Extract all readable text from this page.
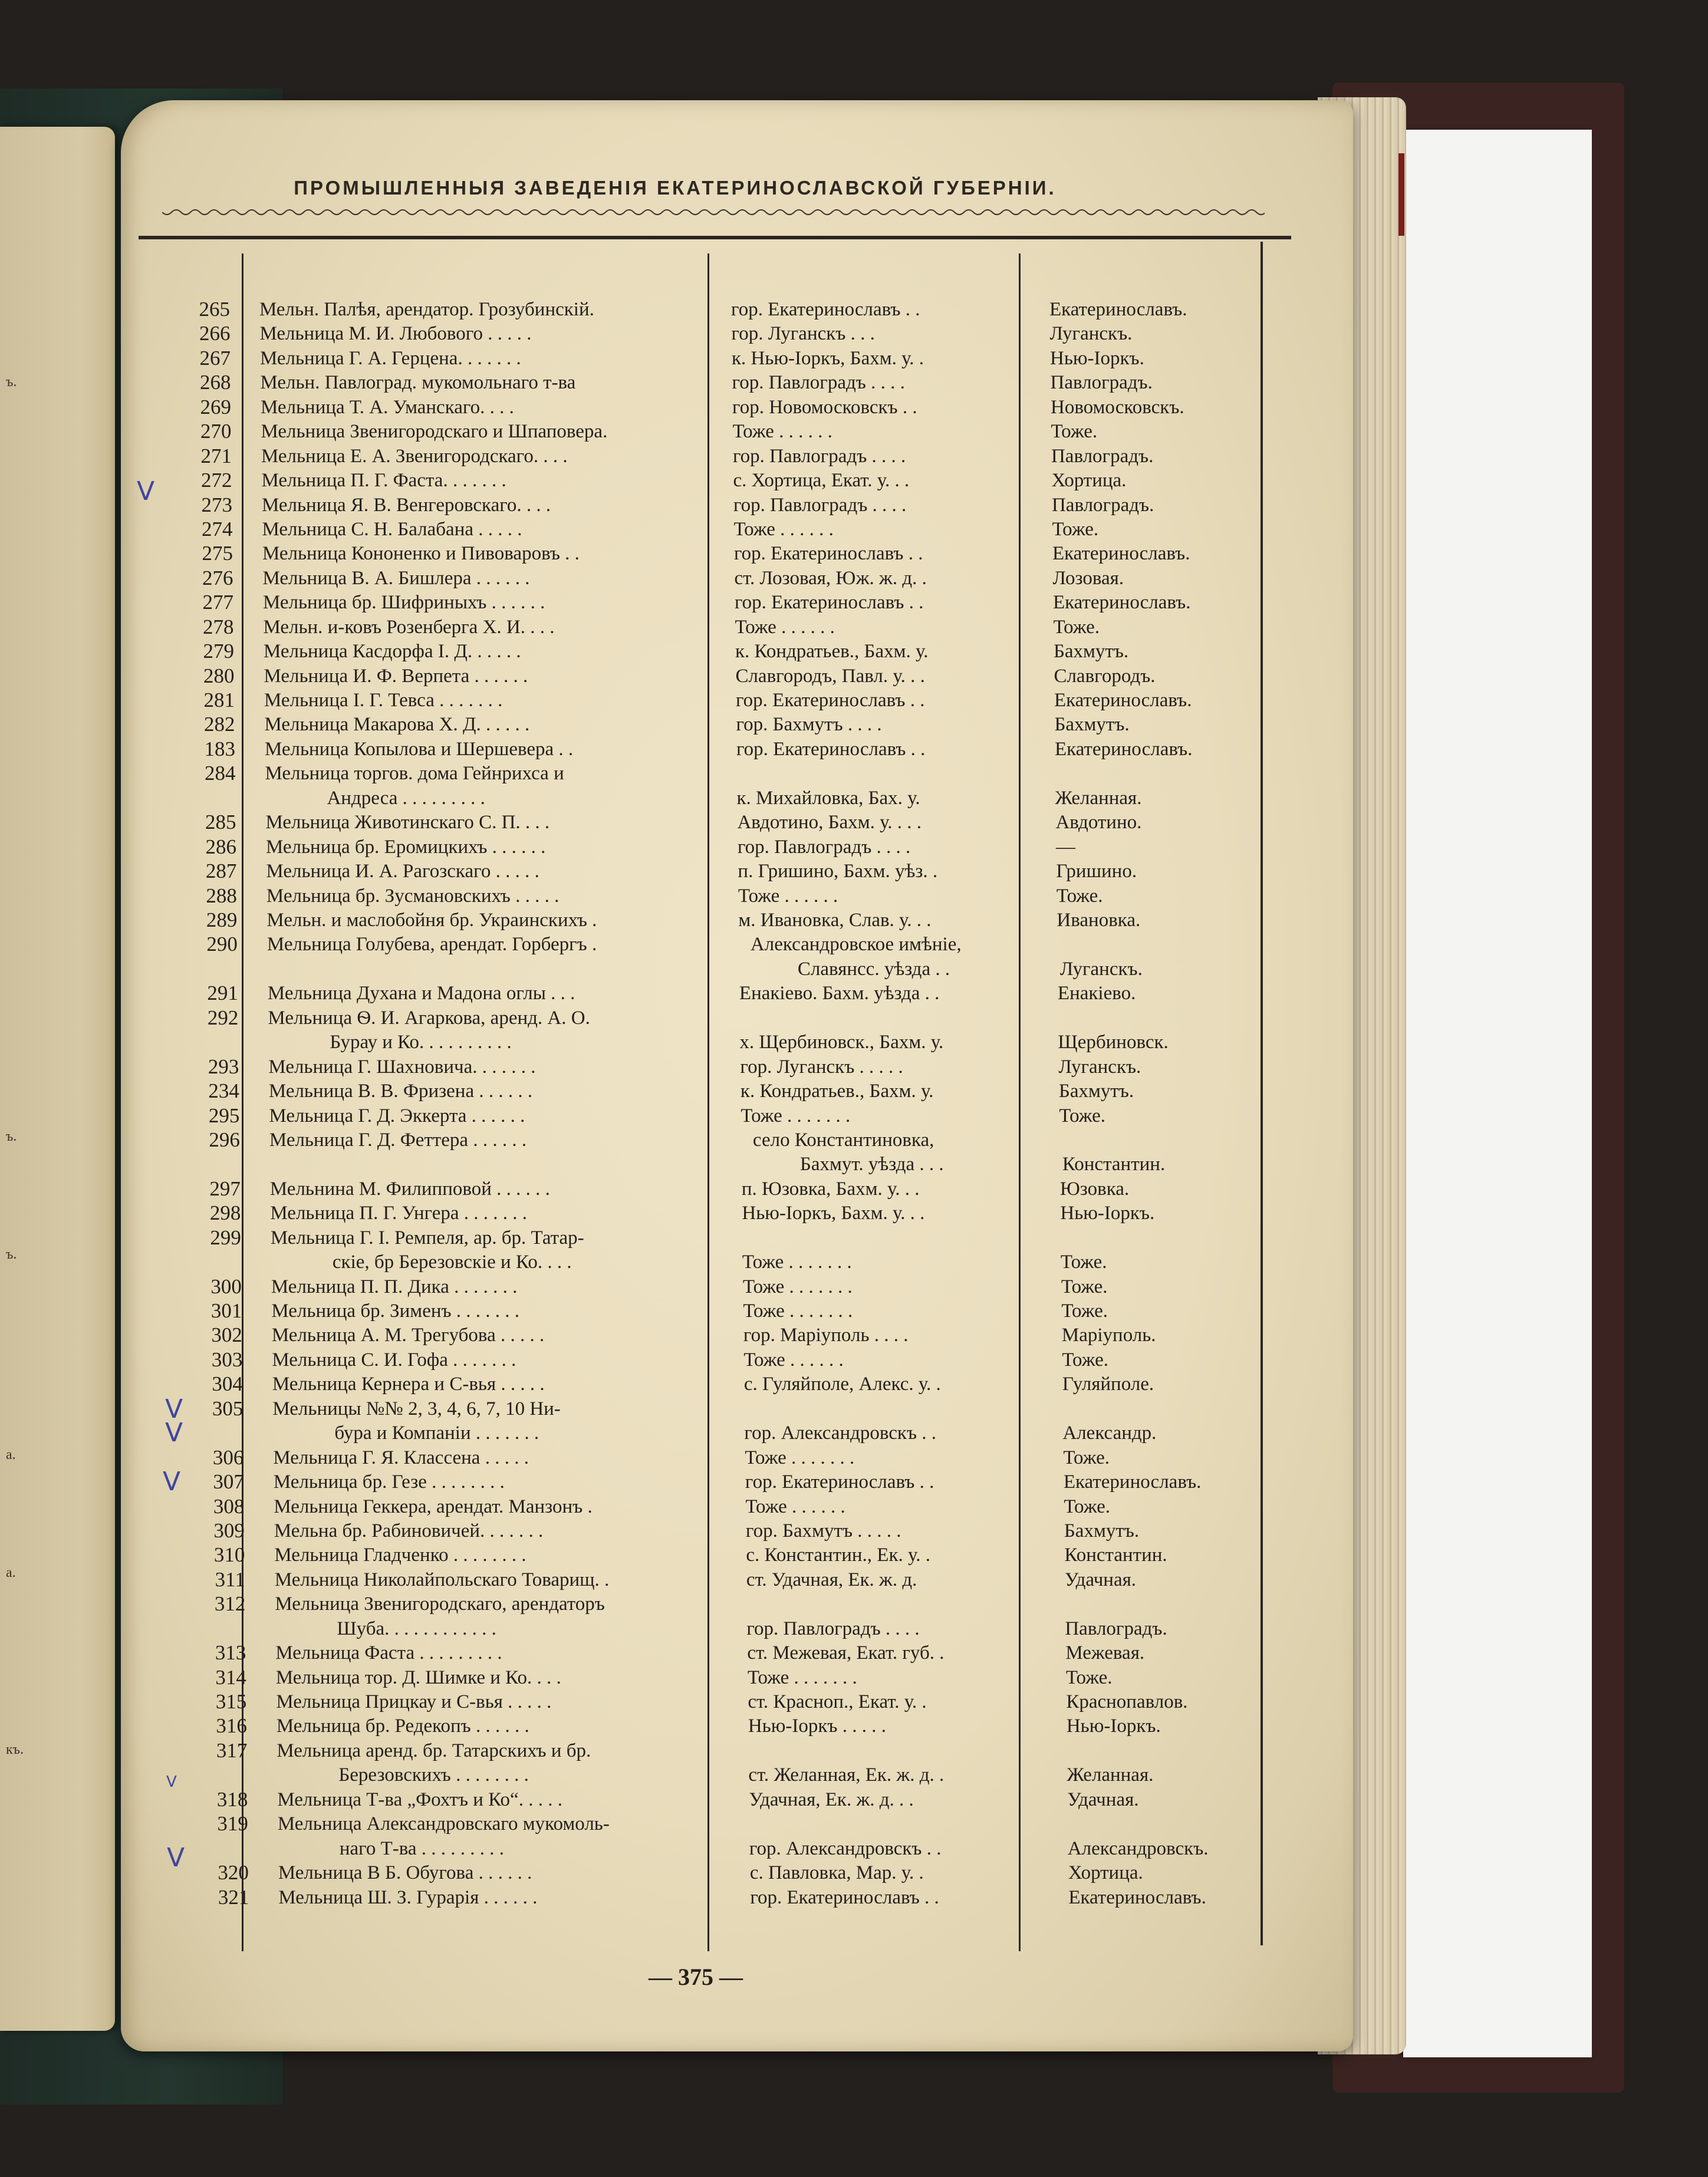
ъ.
а.
ъ.
ъ.
а.
къ.
ПРОМЫШЛЕННЫЯ ЗАВЕДЕНІЯ ЕКАТЕРИНОСЛАВСКОЙ ГУБЕРНІИ.
265 Мельн. Палѣя, арендатор. Грозубинскій.	гор. Екатеринославъ . .	Екатеринославъ.
266 Мельница М. И. Любового . . . . .	гор. Луганскъ . . .	Луганскъ.
267 Мельница Г. А. Герцена. . . . . . .	к. Нью-Іоркъ, Бахм. у. .	Нью-Іоркъ.
268 Мельн. Павлоград. мукомольнаго т-ва	гор. Павлоградъ . . . .	Павлоградъ.
269 Мельница Т. А. Уманскаго. . . .	гор. Новомосковскъ . .	Новомосковскъ.
270 Мельница Звенигородскаго и Шпаповера.	Тоже . . . . . .	Тоже.
271 Мельница Е. А. Звенигородскаго. . . .	гор. Павлоградъ . . . .	Павлоградъ.
272 Мельница П. Г. Фаста. . . . . . .	с. Хортица, Екат. у. . .	Хортица.
273 Мельница Я. В. Венгеровскаго. . . .	гор. Павлоградъ . . . .	Павлоградъ.
274 Мельница С. Н. Балабана . . . . .	Тоже . . . . . .	Тоже.
275 Мельница Кононенко и Пивоваровъ . .	гор. Екатеринославъ . .	Екатеринославъ.
276 Мельница В. А. Бишлера . . . . . .	ст. Лозовая, Юж. ж. д. .	Лозовая.
277 Мельница бр. Шифриныхъ . . . . . .	гор. Екатеринославъ . .	Екатеринославъ.
278 Мельн. и-ковъ Розенберга Х. И. . . .	Тоже . . . . . .	Тоже.
279 Мельница Касдорфа I. Д. . . . . .	к. Кондратьев., Бахм. у.	Бахмутъ.
280 Мельница И. Ф. Верпета . . . . . .	Славгородъ, Павл. у. . .	Славгородъ.
281 Мельница I. Г. Тевса . . . . . . .	гор. Екатеринославъ . .	Екатеринославъ.
282 Мельница Макарова Х. Д. . . . . .	гор. Бахмутъ . . . .	Бахмутъ.
183 Мельница Копылова и Шершевера . .	гор. Екатеринославъ . .	Екатеринославъ.
284 Мельница торгов. дома Гейнрихса и
Андреса . . . . . . . . .	к. Михайловка, Бах. у.	Желанная.
285 Мельница Животинскаго С. П. . . .	Авдотино, Бахм. у. . . .	Авдотино.
286 Мельница бр. Еромицкихъ . . . . . .	гор. Павлоградъ . . . .	—
287 Мельница И. А. Рагозскаго . . . . .	п. Гришино, Бахм. уѣз. .	Гришино.
288 Мельница бр. Зусмановскихъ . . . . .	Тоже . . . . . .	Тоже.
289 Мельн. и маслобойня бр. Украинскихъ .	м. Ивановка, Слав. у. . .	Ивановка.
290 Мельница Голубева, арендат. Горбергъ .	Александровское имѣніе,
Славянсс. уѣзда . .	Луганскъ.
291 Мельница Духана и Мадона оглы . . .	Енакіево. Бахм. уѣзда . .	Енакіево.
292 Мельница Ѳ. И. Агаркова, аренд. А. О.
Бурау и Ко. . . . . . . . . .	х. Щербиновск., Бахм. у.	Щербиновск.
293 Мельница Г. Шахновича. . . . . . .	гор. Луганскъ . . . . .	Луганскъ.
234 Мельница В. В. Фризена . . . . . .	к. Кондратьев., Бахм. у.	Бахмутъ.
295 Мельница Г. Д. Эккерта . . . . . .	Тоже . . . . . . .	Тоже.
296 Мельница Г. Д. Феттера . . . . . .	село Константиновка,
Бахмут. уѣзда . . .	Константин.
297 Мельнина М. Филипповой . . . . . .	п. Юзовка, Бахм. у. . .	Юзовка.
298 Мельница П. Г. Унгера . . . . . . .	Нью-Іоркъ, Бахм. у. . .	Нью-Іоркъ.
299 Мельница Г. I. Ремпеля, ар. бр. Татар-
скіе, бр Березовскіе и Ко. . . .	Тоже . . . . . . .	Тоже.
300 Мельница П. П. Дика . . . . . . .	Тоже . . . . . . .	Тоже.
301 Мельница бр. Зименъ . . . . . . .	Тоже . . . . . . .	Тоже.
302 Мельница А. М. Трегубова . . . . .	гор. Маріуполь . . . .	Маріуполь.
303 Мельница С. И. Гофа . . . . . . .	Тоже . . . . . .	Тоже.
304 Мельница Кернера и С-вья . . . . .	с. Гуляйполе, Алекс. у. .	Гуляйполе.
305 Мельницы №№ 2, 3, 4, 6, 7, 10 Ни-
бура и Компаніи . . . . . . .	гор. Александровскъ . .	Александр.
306 Мельница Г. Я. Классена . . . . .	Тоже . . . . . . .	Тоже.
307 Мельница бр. Гезе . . . . . . . .	гор. Екатеринославъ . .	Екатеринославъ.
308 Мельница Геккера, арендат. Манзонъ .	Тоже . . . . . .	Тоже.
309 Мельна бр. Рабиновичей. . . . . . .	гор. Бахмутъ . . . . .	Бахмутъ.
310 Мельница Гладченко . . . . . . . .	с. Константин., Ек. у. .	Константин.
311 Мельница Николайпольскаго Товарищ. .	ст. Удачная, Ек. ж. д.	Удачная.
312 Мельница Звенигородскаго, арендаторъ
Шуба. . . . . . . . . . . .	гор. Павлоградъ . . . .	Павлоградъ.
313 Мельница Фаста . . . . . . . . .	ст. Межевая, Екат. губ. .	Межевая.
314 Мельница тор. Д. Шимке и Ко. . . .	Тоже . . . . . . .	Тоже.
315 Мельница Прицкау и С-вья . . . . .	ст. Красноп., Екат. у. .	Краснопавлов.
316 Мельница бр. Редекопъ . . . . . .	Нью-Іоркъ . . . . .	Нью-Іоркъ.
317 Мельница аренд. бр. Татарскихъ и бр.
Березовскихъ . . . . . . . .	ст. Желанная, Ек. ж. д. .	Желанная.
318 Мельница Т-ва „Фохтъ и Ко“. . . . .	Удачная, Ек. ж. д. . .	Удачная.
319 Мельница Александровскаго мукомоль-
наго Т-ва . . . . . . . . .	гор. Александровскъ . .	Александровскъ.
320 Мельница В Б. Обугова . . . . . .	с. Павловка, Мар. у. .	Хортица.
321 Мельница Ш. З. Гурарія . . . . . .	гор. Екатеринославъ . .	Екатеринославъ.
V
V
V
V
V
V
— 375 —
